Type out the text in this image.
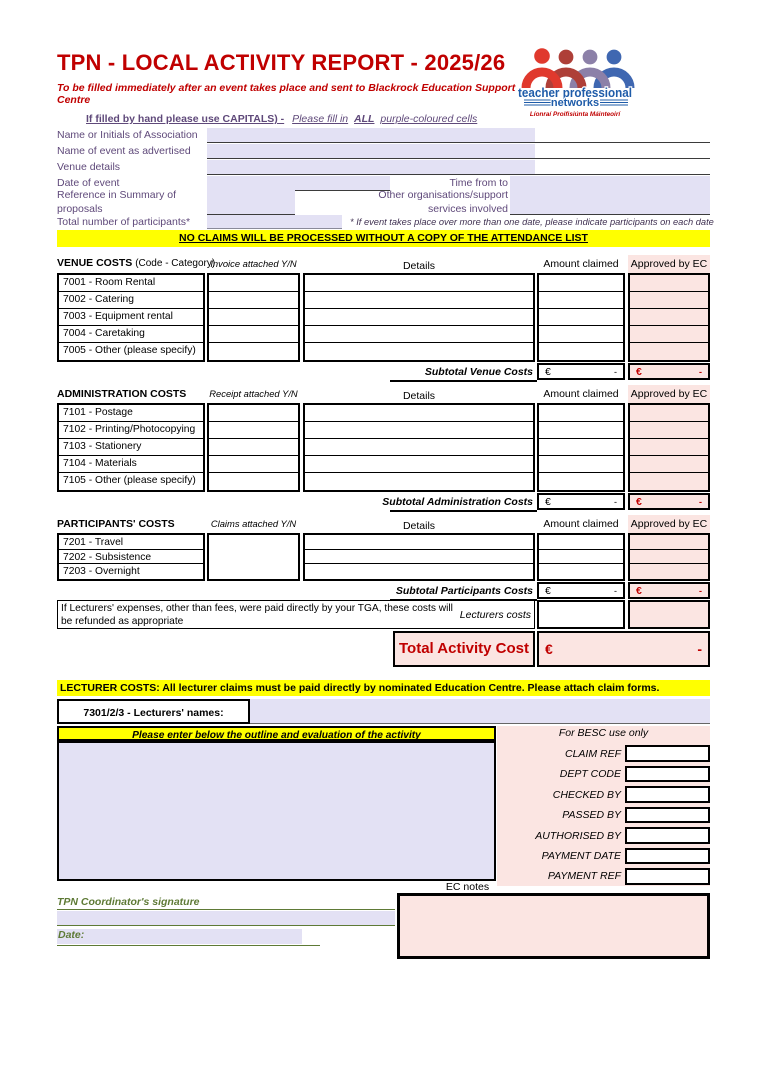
TPN - LOCAL ACTIVITY REPORT - 2025/26
To be filled immediately after an event takes place and sent to Blackrock Education Support Centre	teacher professional
networks
Líonraí Proifisiúnta Máinteoirí
If filled by hand please use CAPITALS) - Please fill in ALL purple-coloured cells
Name or Initials of Association
Name of event as advertised
Venue details
Date of event	Time from to
Reference in Summary of proposals
Other organisations/support services involved
Total number of participants*	* If event takes place over more than one date, please indicate participants on each date
NO CLAIMS WILL BE PROCESSED WITHOUT A COPY OF THE ATTENDANCE LIST
VENUE COSTS (Code - Category)
Invoice attached Y/N	Details	Amount claimed	Approved by EC
7001 - Room Rental
7002 - Catering
7003 - Equipment rental
7004 - Caretaking
7005 - Other (please specify)
Subtotal Venue Costs €	- €	-
ADMINISTRATION COSTS	Receipt attached Y/N	Details	Amount claimed	Approved by EC
7101 - Postage
7102 - Printing/Photocopying
7103 - Stationery
7104 - Materials
7105 - Other (please specify)
Subtotal Administration Costs €	- €	-
PARTICIPANTS' COSTS	Claims attached Y/N	Details	Amount claimed	Approved by EC
7201 - Travel
7202 - Subsistence
7203 - Overnight
Subtotal Participants Costs €	- €	-
If Lecturers' expenses, other than fees, were paid directly by your TGA, these costs will be refunded as appropriate
Lecturers costs
Total Activity Cost	€	-
LECTURER COSTS: All lecturer claims must be paid directly by nominated Education Centre. Please attach claim forms.
7301/2/3 - Lecturers' names:
Please enter below the outline and evaluation of the activity	For BESC use only
CLAIM REF
DEPT CODE
CHECKED BY
PASSED BY
AUTHORISED BY
PAYMENT DATE
PAYMENT REF
EC notes
TPN Coordinator's signature
Date:
